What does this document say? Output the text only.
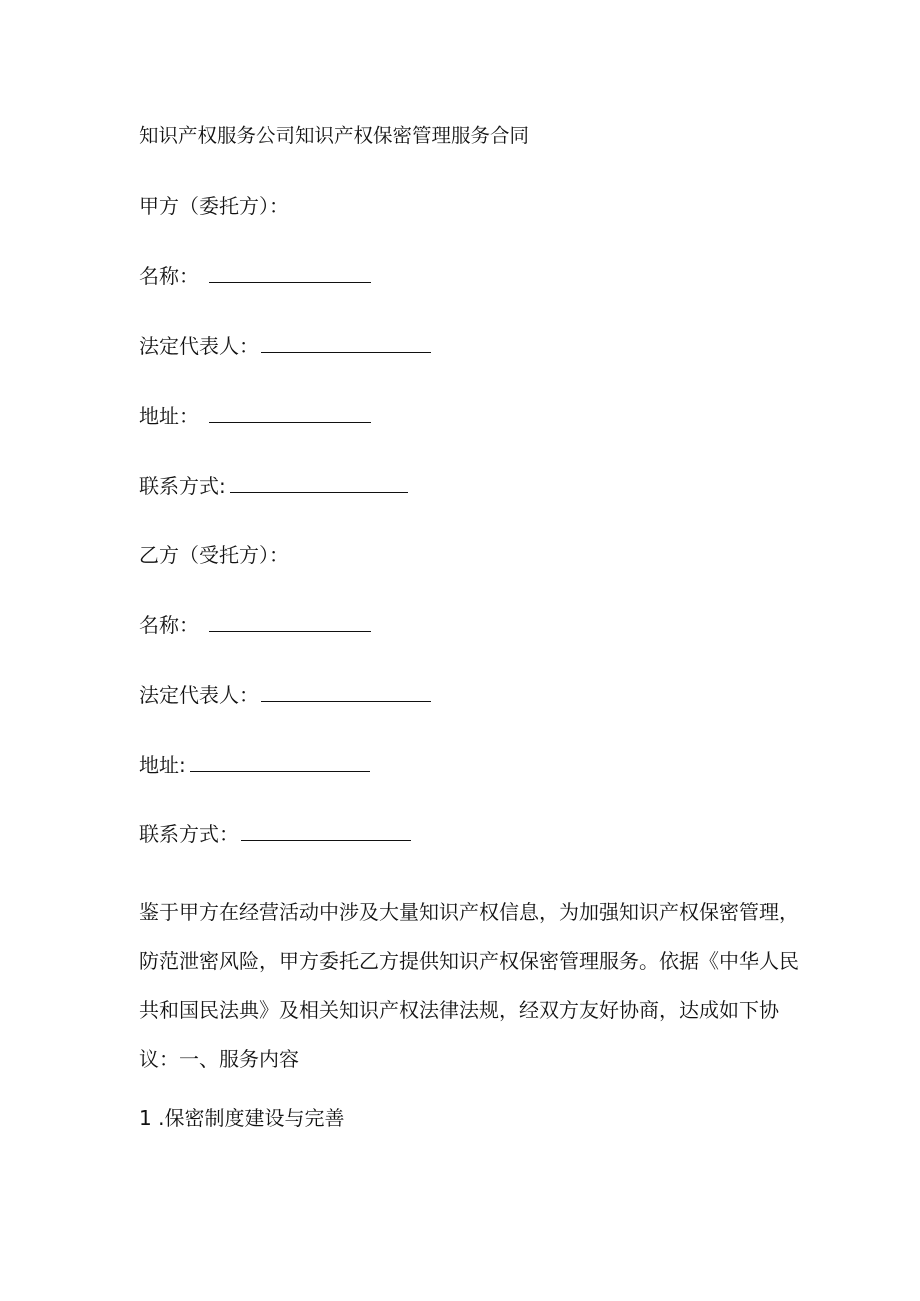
知识产权服务公司知识产权保密管理服务合同
甲方（委托方）：
名称：
法定代表人：
地址：
联系方式:
乙方（受托方）：
名称：
法定代表人：
地址:
联系方式：
鉴于甲方在经营活动中涉及大量知识产权信息，为加强知识产权保密管理，防范泄密风险，甲方委托乙方提供知识产权保密管理服务。依据《中华人民共和国民法典》及相关知识产权法律法规，经双方友好协商，达成如下协议：一、服务内容
1 .保密制度建设与完善
